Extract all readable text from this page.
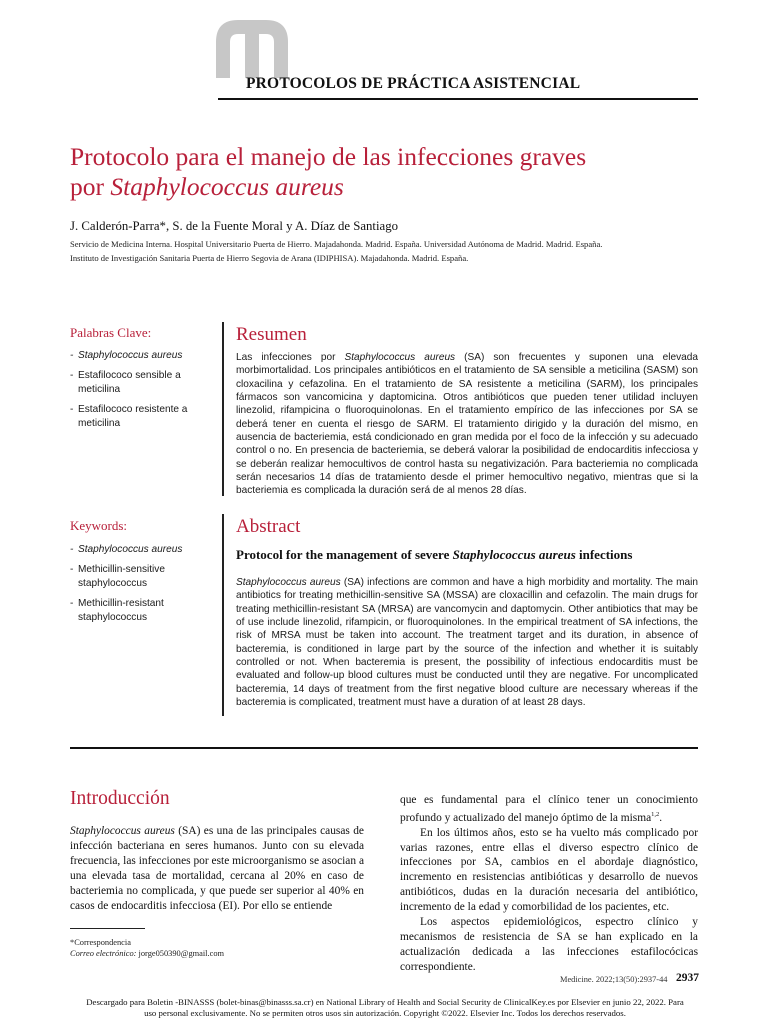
PROTOCOLOS DE PRÁCTICA ASISTENCIAL
Protocolo para el manejo de las infecciones graves
por Staphylococcus aureus
J. Calderón-Parra*, S. de la Fuente Moral y A. Díaz de Santiago
Servicio de Medicina Interna. Hospital Universitario Puerta de Hierro. Majadahonda. Madrid. España. Universidad Autónoma de Madrid. Madrid. España.
Instituto de Investigación Sanitaria Puerta de Hierro Segovia de Arana (IDIPHISA). Majadahonda. Madrid. España.
Palabras Clave:
- Staphylococcus aureus
- Estafilococo sensible a meticilina
- Estafilococo resistente a meticilina
Keywords:
- Staphylococcus aureus
- Methicillin-sensitive staphylococcus
- Methicillin-resistant staphylococcus
Resumen
Las infecciones por Staphylococcus aureus (SA) son frecuentes y suponen una elevada morbimortalidad. Los principales antibióticos en el tratamiento de SA sensible a meticilina (SASM) son cloxacilina y cefazolina. En el tratamiento de SA resistente a meticilina (SARM), los principales fármacos son vancomicina y daptomicina. Otros antibióticos que pueden tener utilidad incluyen linezolid, rifampicina o fluoroquinolonas. En el tratamiento empírico de las infecciones por SA se deberá tener en cuenta el riesgo de SARM. El tratamiento dirigido y la duración del mismo, en ausencia de bacteriemia, está condicionado en gran medida por el foco de la infección y su adecuado control o no. En presencia de bacteriemia, se deberá valorar la posibilidad de endocarditis infecciosa y se deberán realizar hemocultivos de control hasta su negativización. Para bacteriemia no complicada serán necesarios 14 días de tratamiento desde el primer hemocultivo negativo, mientras que si la bacteriemia es complicada la duración será de al menos 28 días.
Abstract
Protocol for the management of severe Staphylococcus aureus infections
Staphylococcus aureus (SA) infections are common and have a high morbidity and mortality. The main antibiotics for treating methicillin-sensitive SA (MSSA) are cloxacillin and cefazolin. The main drugs for treating methicillin-resistant SA (MRSA) are vancomycin and daptomycin. Other antibiotics that may be of use include linezolid, rifampicin, or fluoroquinolones. In the empirical treatment of SA infections, the risk of MRSA must be taken into account. The treatment target and its duration, in absence of bacteremia, is conditioned in large part by the source of the infection and whether it is suitably controlled or not. When bacteremia is present, the possibility of infectious endocarditis must be evaluated and follow-up blood cultures must be conducted until they are negative. For uncomplicated bacteremia, 14 days of treatment from the first negative blood culture are necessary whereas if the bacteremia is complicated, treatment must have a duration of at least 28 days.
Introducción
Staphylococcus aureus (SA) es una de las principales causas de infección bacteriana en seres humanos. Junto con su elevada frecuencia, las infecciones por este microorganismo se asocian a una elevada tasa de mortalidad, cercana al 20% en caso de bacteriemia no complicada, y que puede ser superior al 40% en casos de endocarditis infecciosa (EI). Por ello se entiende

que es fundamental para el clínico tener un conocimiento profundo y actualizado del manejo óptimo de la misma$^{1,2}$.

En los últimos años, esto se ha vuelto más complicado por varias razones, entre ellas el diverso espectro clínico de infecciones por SA, cambios en el abordaje diagnóstico, incremento en resistencias antibióticas y desarrollo de nuevos antibióticos, dudas en la duración necesaria del antibiótico, incremento de la edad y comorbilidad de los pacientes, etc.

Los aspectos epidemiológicos, espectro clínico y mecanismos de resistencia de SA se han explicado en la actualización dedicada a las infecciones estafilocócicas correspondiente.

*Correspondencia
Correo electrónico: jorge050390@gmail.com
Medicine. 2022;13(50):2937-44 2937
Descargado para Boletin -BINASSS (bolet-binas@binasss.sa.cr) en National Library of Health and Social Security de ClinicalKey.es por Elsevier en junio 22, 2022. Para uso personal exclusivamente. No se permiten otros usos sin autorización. Copyright ©2022. Elsevier Inc. Todos los derechos reservados.
